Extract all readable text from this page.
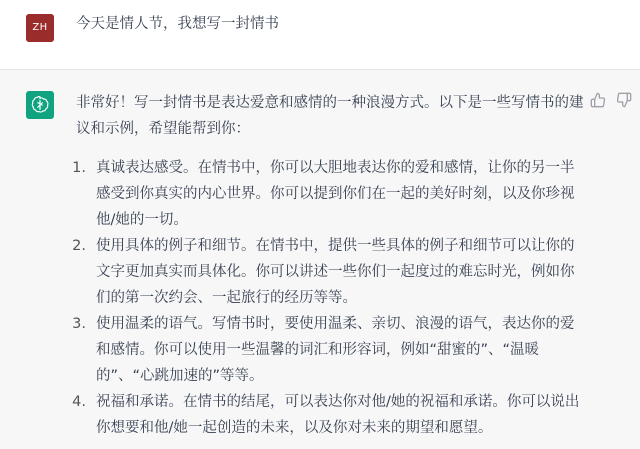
ZH	今天是情人节，我想写一封情书

非常好！写一封情书是表达爱意和感情的一种浪漫方式。以下是一些写情书的建议和示例，希望能帮到你：

1. 真诚表达感受。在情书中，你可以大胆地表达你的爱和感情，让你的另一半感受到你真实的内心世界。你可以提到你们在一起的美好时刻，以及你珍视他/她的一切。
2. 使用具体的例子和细节。在情书中，提供一些具体的例子和细节可以让你的文字更加真实而具体化。你可以讲述一些你们一起度过的难忘时光，例如你们的第一次约会、一起旅行的经历等等。
3. 使用温柔的语气。写情书时，要使用温柔、亲切、浪漫的语气，表达你的爱和感情。你可以使用一些温馨的词汇和形容词，例如“甜蜜的”、“温暖的”、“心跳加速的”等等。
4. 祝福和承诺。在情书的结尾，可以表达你对他/她的祝福和承诺。你可以说出你想要和他/她一起创造的未来，以及你对未来的期望和愿望。
